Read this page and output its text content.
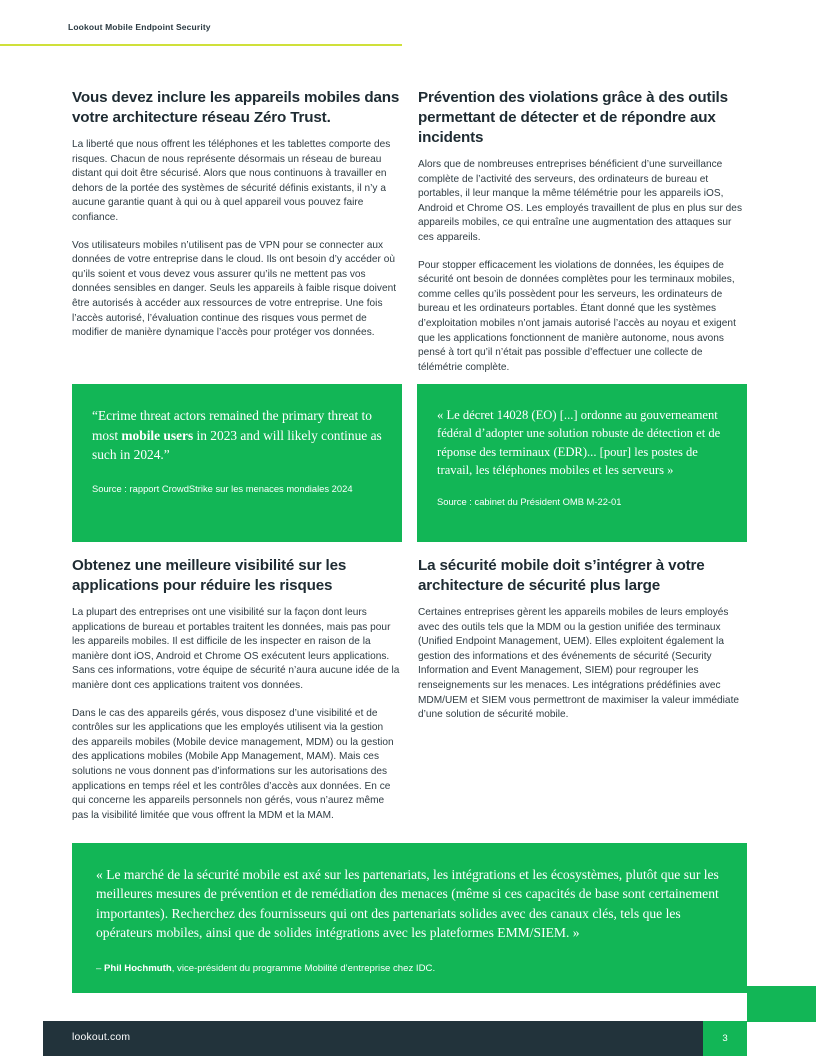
Lookout Mobile Endpoint Security
Vous devez inclure les appareils mobiles dans votre architecture réseau Zéro Trust.

La liberté que nous offrent les téléphones et les tablettes comporte des risques. Chacun de nous représente désormais un réseau de bureau distant qui doit être sécurisé. Alors que nous continuons à travailler en dehors de la portée des systèmes de sécurité définis existants, il n’y a aucune garantie quant à qui ou à quel appareil vous pouvez faire confiance.

Vos utilisateurs mobiles n’utilisent pas de VPN pour se connecter aux données de votre entreprise dans le cloud. Ils ont besoin d’y accéder où qu’ils soient et vous devez vous assurer qu’ils ne mettent pas vos données sensibles en danger. Seuls les appareils à faible risque doivent être autorisés à accéder aux ressources de votre entreprise. Une fois l’accès autorisé, l’évaluation continue des risques vous permet de modifier de manière dynamique l’accès pour protéger vos données.

Prévention des violations grâce à des outils permettant de détecter et de répondre aux incidents

Alors que de nombreuses entreprises bénéficient d’une surveillance complète de l’activité des serveurs, des ordinateurs de bureau et portables, il leur manque la même télémétrie pour les appareils iOS, Android et Chrome OS. Les employés travaillent de plus en plus sur des appareils mobiles, ce qui entraîne une augmentation des attaques sur ces appareils.

Pour stopper efficacement les violations de données, les équipes de sécurité ont besoin de données complètes pour les terminaux mobiles, comme celles qu’ils possèdent pour les serveurs, les ordinateurs de bureau et les ordinateurs portables. Étant donné que les systèmes d’exploitation mobiles n’ont jamais autorisé l’accès au noyau et exigent que les applications fonctionnent de manière autonome, nous avons pensé à tort qu’il n’était pas possible d’effectuer une collecte de télémétrie complète.

“Ecrime threat actors remained the primary threat to most mobile users in 2023 and will likely continue as such in 2024.”

Source : rapport CrowdStrike sur les menaces mondiales 2024

« Le décret 14028 (EO) [...] ordonne au gouverneament fédéral d’adopter une solution robuste de détection et de réponse des terminaux (EDR)... [pour] les postes de travail, les téléphones mobiles et les serveurs »

Source : cabinet du Président OMB M-22-01

Obtenez une meilleure visibilité sur les applications pour réduire les risques

La plupart des entreprises ont une visibilité sur la façon dont leurs applications de bureau et portables traitent les données, mais pas pour les appareils mobiles. Il est difficile de les inspecter en raison de la manière dont iOS, Android et Chrome OS exécutent leurs applications. Sans ces informations, votre équipe de sécurité n’aura aucune idée de la manière dont ces applications traitent vos données.

Dans le cas des appareils gérés, vous disposez d’une visibilité et de contrôles sur les applications que les employés utilisent via la gestion des appareils mobiles (Mobile device management, MDM) ou la gestion des applications mobiles (Mobile App Management, MAM). Mais ces solutions ne vous donnent pas d’informations sur les autorisations des applications en temps réel et les contrôles d’accès aux données. En ce qui concerne les appareils personnels non gérés, vous n’aurez même pas la visibilité limitée que vous offrent la MDM et la MAM.

La sécurité mobile doit s’intégrer à votre architecture de sécurité plus large

Certaines entreprises gèrent les appareils mobiles de leurs employés avec des outils tels que la MDM ou la gestion unifiée des terminaux (Unified Endpoint Management, UEM). Elles exploitent également la gestion des informations et des événements de sécurité (Security Information and Event Management, SIEM) pour regrouper les renseignements sur les menaces. Les intégrations prédéfinies avec MDM/UEM et SIEM vous permettront de maximiser la valeur immédiate d’une solution de sécurité mobile.

« Le marché de la sécurité mobile est axé sur les partenariats, les intégrations et les écosystèmes, plutôt que sur les meilleures mesures de prévention et de remédiation des menaces (même si ces capacités de base sont certainement importantes). Recherchez des fournisseurs qui ont des partenariats solides avec des canaux clés, tels que les opérateurs mobiles, ainsi que de solides intégrations avec les plateformes EMM/SIEM. »

– Phil Hochmuth, vice-président du programme Mobilité d’entreprise chez IDC.

lookout.com	3
